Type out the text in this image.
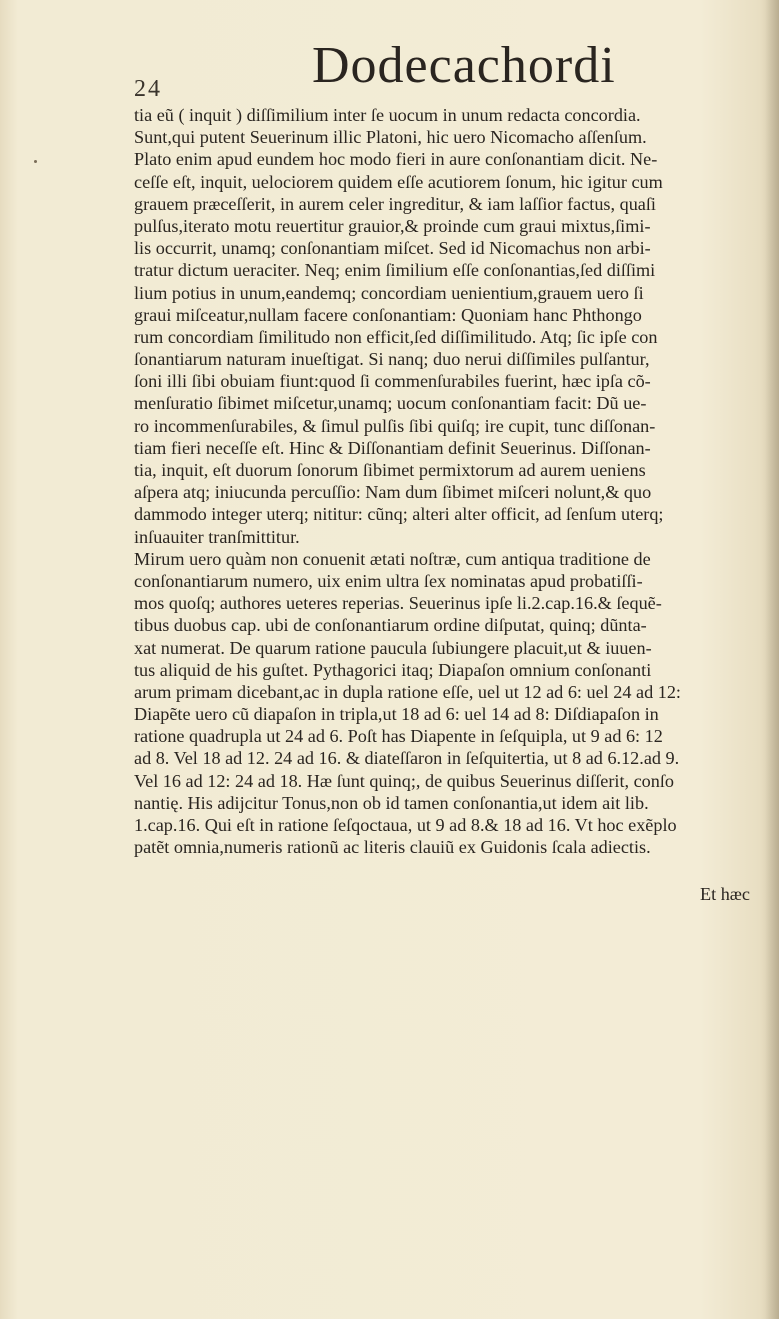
24	Dodecachordi
tia eũ ( inquit ) diſſimilium inter ſe uocum in unum redacta concordia.
Sunt,qui putent Seuerinum illic Platoni, hic uero Nicomacho aſſenſum.
Plato enim apud eundem hoc modo fieri in aure conſonantiam dicit. Ne-
ceſſe eſt, inquit, uelociorem quidem eſſe acutiorem ſonum, hic igitur cum
grauem præceſſerit, in aurem celer ingreditur, & iam laſſior factus, quaſi
pulſus,iterato motu reuertitur grauior,& proinde cum graui mixtus,ſimi-
lis occurrit, unamq; conſonantiam miſcet. Sed id Nicomachus non arbi-
tratur dictum ueraciter. Neq; enim ſimilium eſſe conſonantias,ſed diſſimi
lium potius in unum,eandemq; concordiam uenientium,grauem uero ſi
graui miſceatur,nullam facere conſonantiam: Quoniam hanc Phthongo
rum concordiam ſimilitudo non efficit,ſed diſſimilitudo. Atq; ſic ipſe con
ſonantiarum naturam inueſtigat. Si nanq; duo nerui diſſimiles pulſantur,
ſoni illi ſibi obuiam fiunt:quod ſi commenſurabiles fuerint, hæc ipſa cõ-
menſuratio ſibimet miſcetur,unamq; uocum conſonantiam facit: Dũ ue-
ro incommenſurabiles, & ſimul pulſis ſibi quiſq; ire cupit, tunc diſſonan-
tiam fieri neceſſe eſt. Hinc & Diſſonantiam definit Seuerinus. Diſſonan-
tia, inquit, eſt duorum ſonorum ſibimet permixtorum ad aurem ueniens
aſpera atq; iniucunda percuſſio: Nam dum ſibimet miſceri nolunt,& quo
dammodo integer uterq; nititur: cũnq; alteri alter officit, ad ſenſum uterq;
inſuauiter tranſmittitur.
Mirum uero quàm non conuenit ætati noſtræ, cum antiqua traditione de
conſonantiarum numero, uix enim ultra ſex nominatas apud probatiſſi-
mos quoſq; authores ueteres reperias. Seuerinus ipſe li.2.cap.16.& ſequẽ-
tibus duobus cap. ubi de conſonantiarum ordine diſputat, quinq; dũnta-
xat numerat. De quarum ratione paucula ſubiungere placuit,ut & iuuen-
tus aliquid de his guſtet. Pythagorici itaq; Diapaſon omnium conſonanti
arum primam dicebant,ac in dupla ratione eſſe, uel ut 12 ad 6: uel 24 ad 12:
Diapẽte uero cũ diapaſon in tripla,ut 18 ad 6: uel 14 ad 8: Diſdiapaſon in
ratione quadrupla ut 24 ad 6. Poſt has Diapente in ſeſquipla, ut 9 ad 6: 12
ad 8. Vel 18 ad 12. 24 ad 16. & diateſſaron in ſeſquitertia, ut 8 ad 6.12.ad 9.
Vel 16 ad 12: 24 ad 18. Hæ ſunt quinq;, de quibus Seuerinus diſſerit, conſo
nantię. His adijcitur Tonus,non ob id tamen conſonantia,ut idem ait lib.
1.cap.16. Qui eſt in ratione ſeſqoctaua, ut 9 ad 8.& 18 ad 16. Vt hoc exẽplo
patẽt omnia,numeris rationũ ac literis clauiũ ex Guidonis ſcala adiectis.
Et hæc
